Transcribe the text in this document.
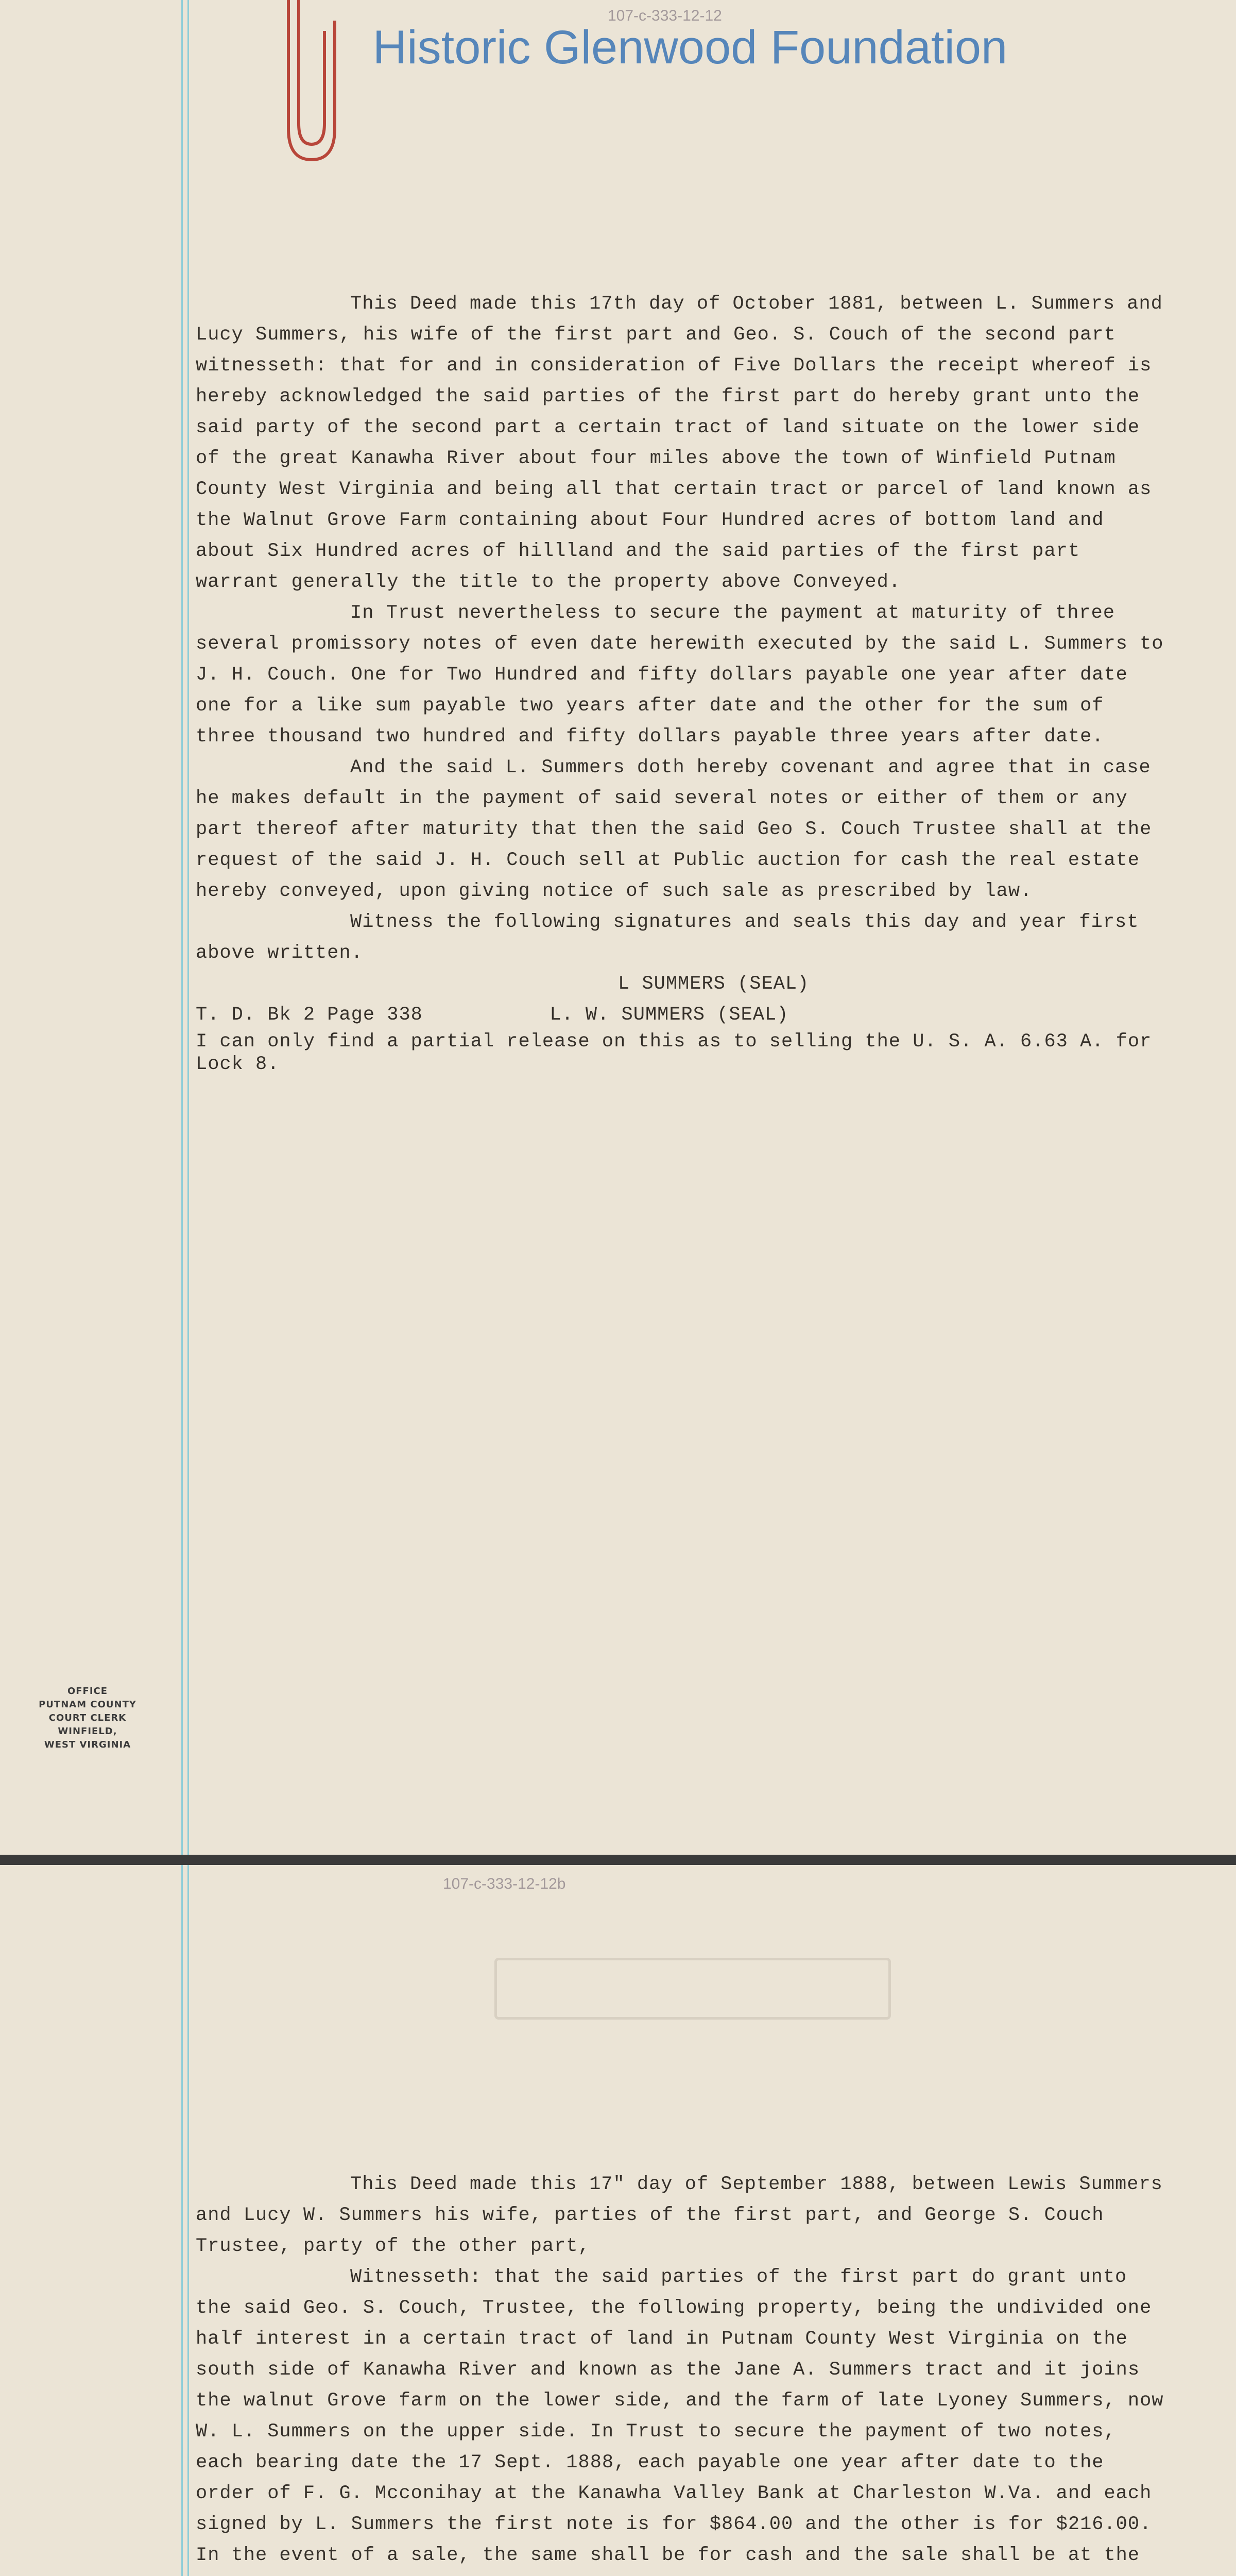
107-c-333-12-12
Historic Glenwood Foundation

This Deed made this 17th day of October 1881, between L. Summers and Lucy Summers, his wife of the first part and Geo. S. Couch of the second part witnesseth: that for and in consideration of Five Dollars the receipt whereof is hereby acknowledged the said parties of the first part do hereby grant unto the said party of the second part a certain tract of land situate on the lower side of the great Kanawha River about four miles above the town of Winfield Putnam County West Virginia and being all that certain tract or parcel of land known as the Walnut Grove Farm containing about Four Hundred acres of bottom land and about Six Hundred acres of hillland and the said parties of the first part warrant generally the title to the property above Conveyed.

In Trust nevertheless to secure the payment at maturity of three several promissory notes of even date herewith executed by the said L. Summers to J. H. Couch. One for Two Hundred and fifty dollars payable one year after date one for a like sum payable two years after date and the other for the sum of three thousand two hundred and fifty dollars payable three years after date.

And the said L. Summers doth hereby covenant and agree that in case he makes default in the payment of said several notes or either of them or any part thereof after maturity that then the said Geo S. Couch Trustee shall at the request of the said J. H. Couch sell at Public auction for cash the real estate hereby conveyed, upon giving notice of such sale as prescribed by law.

Witness the following signatures and seals this day and year first above written.

L SUMMERS (SEAL)

T. D. Bk 2 Page 338	L. W. SUMMERS (SEAL)

I can only find a partial release on this as to selling the U. S. A. 6.63 A. for Lock 8.

OFFICE
PUTNAM COUNTY
COURT CLERK
WINFIELD,
WEST VIRGINIA
107-c-333-12-12b

This Deed made this 17" day of September 1888, between Lewis Summers and Lucy W. Summers his wife, parties of the first part, and George S. Couch Trustee, party of the other part,

Witnesseth: that the said parties of the first part do grant unto the said Geo. S. Couch, Trustee, the following property, being the undivided one half interest in a certain tract of land in Putnam County West Virginia on the south side of Kanawha River and known as the Jane A. Summers tract and it joins the walnut Grove farm on the lower side, and the farm of late Lyoney Summers, now W. L. Summers on the upper side. In Trust to secure the payment of two notes, each bearing date the 17 Sept. 1888, each payable one year after date to the order of F. G. Mcconihay at the Kanawha Valley Bank at Charleston W.Va. and each signed by L. Summers the first note is for $864.00 and the other is for $216.00. In the event of a sale, the same shall be for cash and the sale shall be at the
